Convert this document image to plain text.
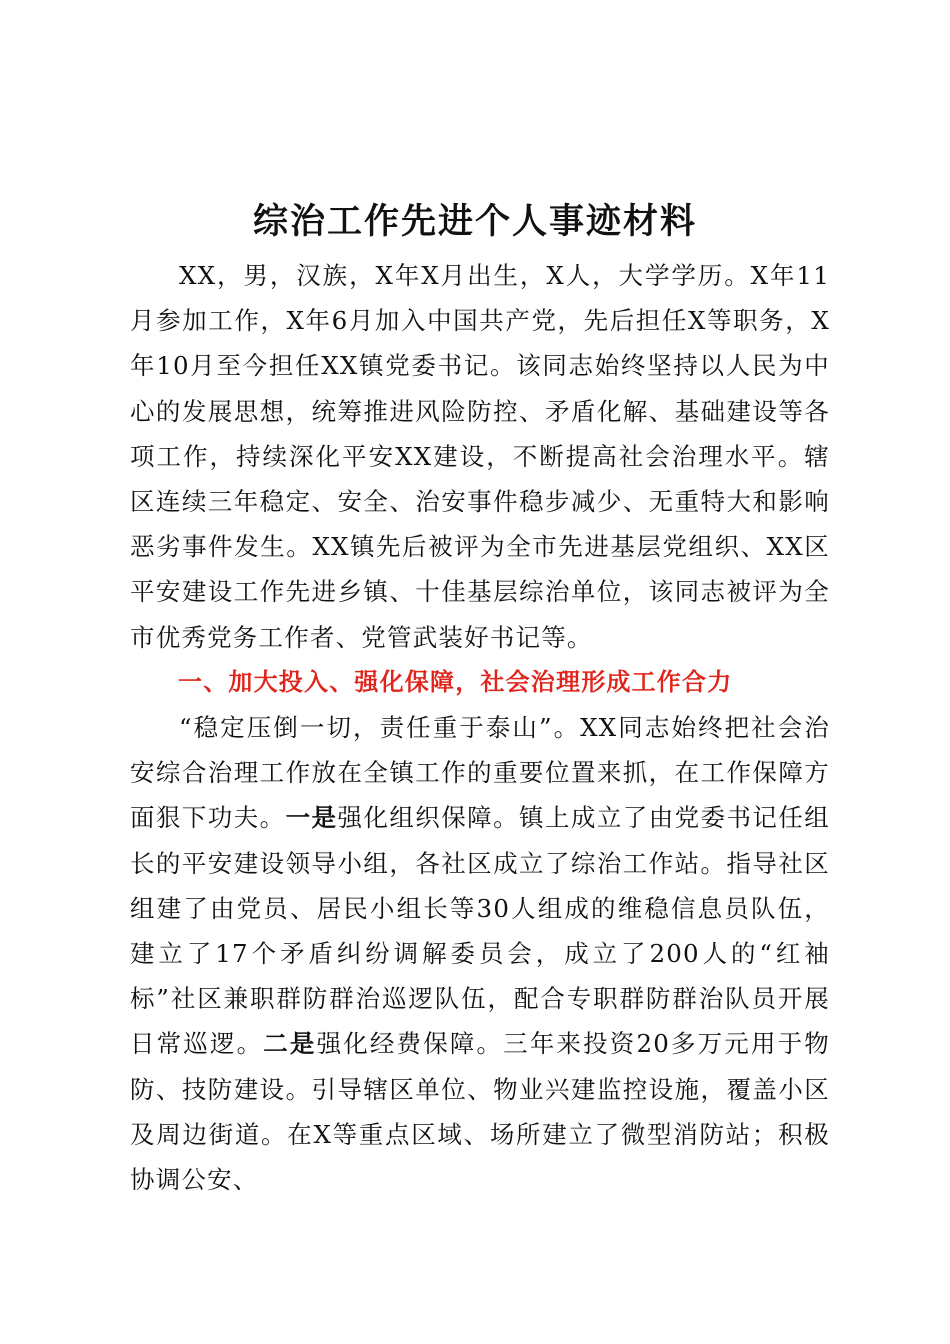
综治工作先进个人事迹材料

XX，男，汉族，X年X月出生，X人，大学学历。X年11月参加工作，X年6月加入中国共产党，先后担任X等职务，X年10月至今担任XX镇党委书记。该同志始终坚持以人民为中心的发展思想，统筹推进风险防控、矛盾化解、基础建设等各项工作，持续深化平安XX建设，不断提高社会治理水平。辖区连续三年稳定、安全、治安事件稳步减少、无重特大和影响恶劣事件发生。XX镇先后被评为全市先进基层党组织、XX区平安建设工作先进乡镇、十佳基层综治单位，该同志被评为全市优秀党务工作者、党管武装好书记等。

一、加大投入、强化保障，社会治理形成工作合力

“稳定压倒一切，责任重于泰山”。XX同志始终把社会治安综合治理工作放在全镇工作的重要位置来抓，在工作保障方面狠下功夫。一是强化组织保障。镇上成立了由党委书记任组长的平安建设领导小组，各社区成立了综治工作站。指导社区组建了由党员、居民小组长等30人组成的维稳信息员队伍，建立了17个矛盾纠纷调解委员会，成立了200人的“红袖标”社区兼职群防群治巡逻队伍，配合专职群防群治队员开展日常巡逻。二是强化经费保障。三年来投资20多万元用于物防、技防建设。引导辖区单位、物业兴建监控设施，覆盖小区及周边街道。在X等重点区域、场所建立了微型消防站；积极协调公安、
